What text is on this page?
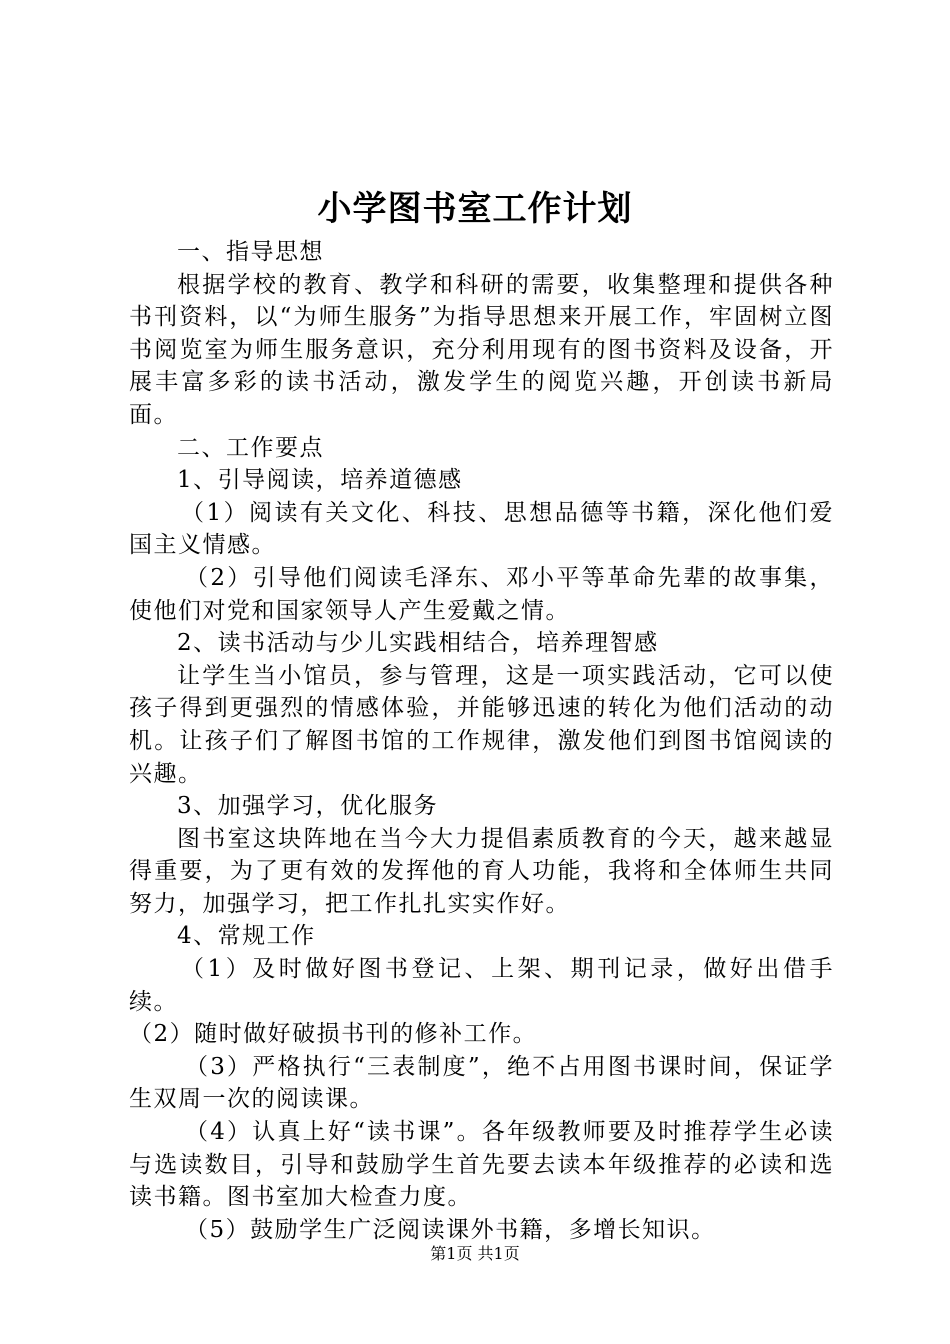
小学图书室工作计划

一、指导思想

根据学校的教育、教学和科研的需要，收集整理和提供各种书刊资料，以“为师生服务”为指导思想来开展工作，牢固树立图书阅览室为师生服务意识，充分利用现有的图书资料及设备，开展丰富多彩的读书活动，激发学生的阅览兴趣，开创读书新局面。

二、工作要点

1、引导阅读，培养道德感

（1）阅读有关文化、科技、思想品德等书籍，深化他们爱国主义情感。

（2）引导他们阅读毛泽东、邓小平等革命先辈的故事集，使他们对党和国家领导人产生爱戴之情。

2、读书活动与少儿实践相结合，培养理智感

让学生当小馆员，参与管理，这是一项实践活动，它可以使孩子得到更强烈的情感体验，并能够迅速的转化为他们活动的动机。让孩子们了解图书馆的工作规律，激发他们到图书馆阅读的兴趣。

3、加强学习，优化服务

图书室这块阵地在当今大力提倡素质教育的今天，越来越显得重要，为了更有效的发挥他的育人功能，我将和全体师生共同努力，加强学习，把工作扎扎实实作好。

4、常规工作

（1）及时做好图书登记、上架、期刊记录，做好出借手续。

（2）随时做好破损书刊的修补工作。

（3）严格执行“三表制度”，绝不占用图书课时间，保证学生双周一次的阅读课。

（4）认真上好“读书课”。各年级教师要及时推荐学生必读与选读数目，引导和鼓励学生首先要去读本年级推荐的必读和选读书籍。图书室加大检查力度。

（5）鼓励学生广泛阅读课外书籍，多增长知识。

第1页 共1页
